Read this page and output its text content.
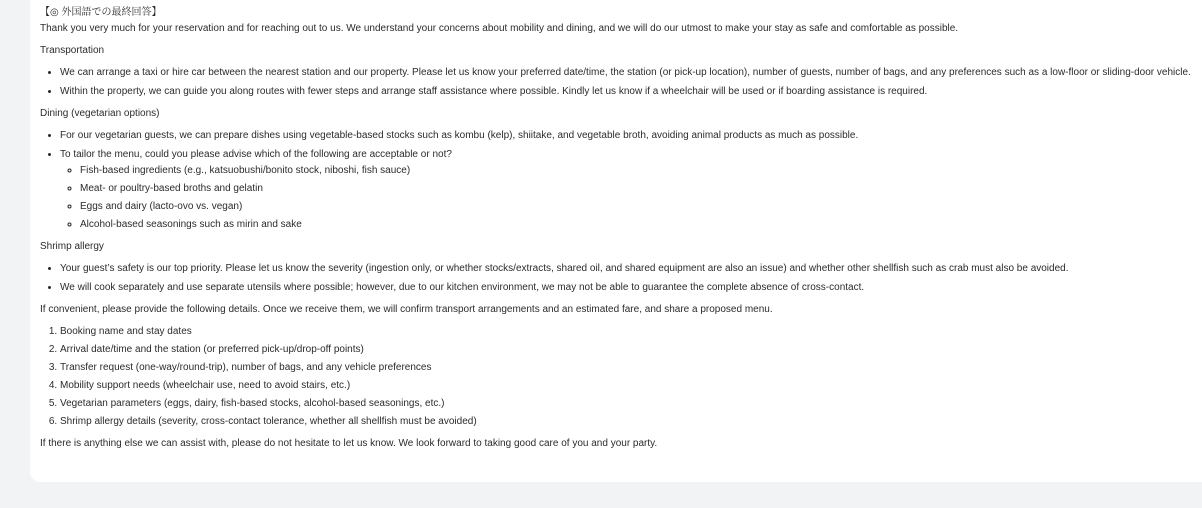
【◎ 外国語での最終回答】

Thank you very much for your reservation and for reaching out to us. We understand your concerns about mobility and dining, and we will do our utmost to make your stay as safe and comfortable as possible.

Transportation

• We can arrange a taxi or hire car between the nearest station and our property. Please let us know your preferred date/time, the station (or pick-up location), number of guests, number of bags, and any preferences such as a low-floor or sliding-door vehicle.
• Within the property, we can guide you along routes with fewer steps and arrange staff assistance where possible. Kindly let us know if a wheelchair will be used or if boarding assistance is required.

Dining (vegetarian options)

• For our vegetarian guests, we can prepare dishes using vegetable-based stocks such as kombu (kelp), shiitake, and vegetable broth, avoiding animal products as much as possible.
• To tailor the menu, could you please advise which of the following are acceptable or not?
◦ Fish-based ingredients (e.g., katsuobushi/bonito stock, niboshi, fish sauce)
◦ Meat- or poultry-based broths and gelatin
◦ Eggs and dairy (lacto-ovo vs. vegan)
◦ Alcohol-based seasonings such as mirin and sake

Shrimp allergy

• Your guest’s safety is our top priority. Please let us know the severity (ingestion only, or whether stocks/extracts, shared oil, and shared equipment are also an issue) and whether other shellfish such as crab must also be avoided.
• We will cook separately and use separate utensils where possible; however, due to our kitchen environment, we may not be able to guarantee the complete absence of cross-contact.

If convenient, please provide the following details. Once we receive them, we will confirm transport arrangements and an estimated fare, and share a proposed menu.

1. Booking name and stay dates
2. Arrival date/time and the station (or preferred pick-up/drop-off points)
3. Transfer request (one-way/round-trip), number of bags, and any vehicle preferences
4. Mobility support needs (wheelchair use, need to avoid stairs, etc.)
5. Vegetarian parameters (eggs, dairy, fish-based stocks, alcohol-based seasonings, etc.)
6. Shrimp allergy details (severity, cross-contact tolerance, whether all shellfish must be avoided)

If there is anything else we can assist with, please do not hesitate to let us know. We look forward to taking good care of you and your party.
